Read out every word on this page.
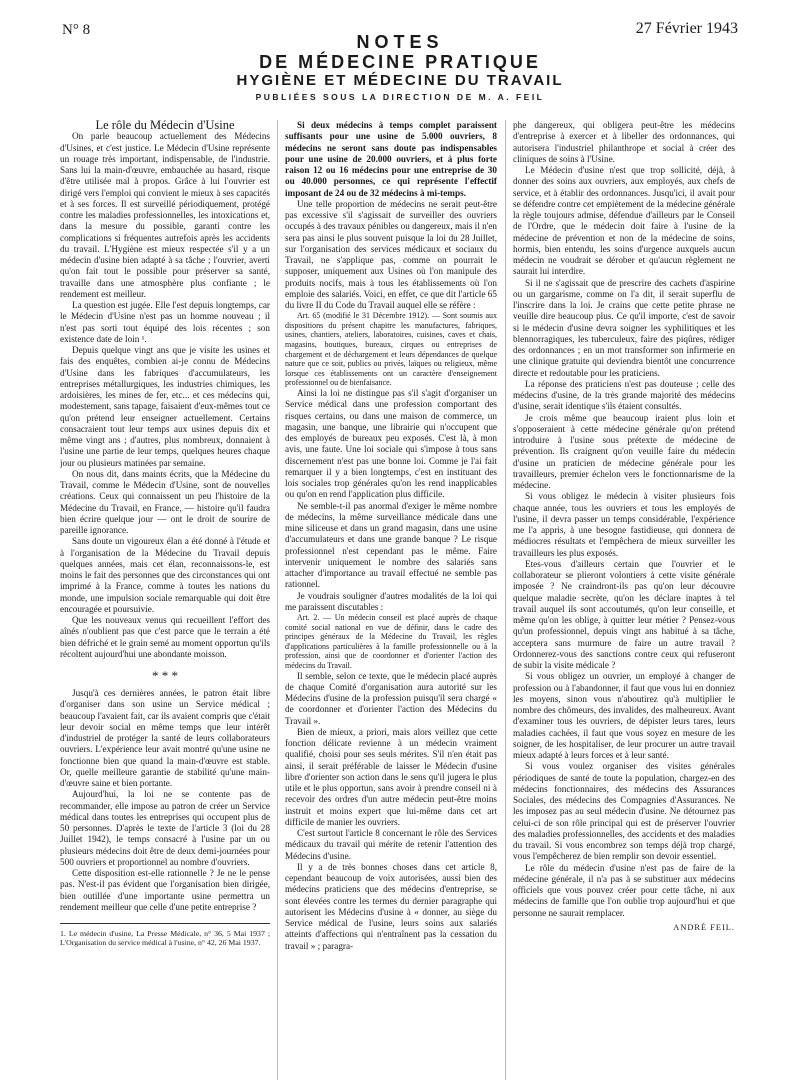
N° 8	27 Février 1943
NOTES
DE MÉDECINE PRATIQUE
HYGIÈNE ET MÉDECINE DU TRAVAIL
PUBLIÉES SOUS LA DIRECTION DE M. A. FEIL

Le rôle du Médecin d'Usine

On parle beaucoup actuellement des Médecins d'Usines, et c'est justice. Le Médecin d'Usine représente un rouage très important, indispensable, de l'industrie. Sans lui la main-d'œuvre, embauchée au hasard, risque d'être utilisée mal à propos. Grâce à lui l'ouvrier est dirigé vers l'emploi qui convient le mieux à ses capacités et à ses forces. Il est surveillé périodiquement, protégé contre les maladies professionnelles, les intoxications et, dans la mesure du possible, garanti contre les complications si fréquentes autrefois après les accidents du travail. L'Hygiène est mieux respectée s'il y a un médecin d'usine bien adapté à sa tâche ; l'ouvrier, averti qu'on fait tout le possible pour préserver sa santé, travaille dans une atmosphère plus confiante ; le rendement est meilleur.

La question est jugée. Elle l'est depuis longtemps, car le Médecin d'Usine n'est pas un homme nouveau ; il n'est pas sorti tout équipé des lois récentes ; son existence date de loin ¹.

Depuis quelque vingt ans que je visite les usines et fais des enquêtes, combien ai-je connu de Médecins d'Usine dans les fabriques d'accumulateurs, les entreprises métallurgiques, les industries chimiques, les ardoisières, les mines de fer, etc... et ces médecins qui, modestement, sans tapage, faisaient d'eux-mêmes tout ce qu'on prétend leur enseigner actuellement. Certains consacraient tout leur temps aux usines depuis dix et même vingt ans ; d'autres, plus nombreux, donnaient à l'usine une partie de leur temps, quelques heures chaque jour ou plusieurs matinées par semaine.

On nous dit, dans maints écrits, que la Médecine du Travail, comme le Médecin d'Usine, sont de nouvelles créations. Ceux qui connaissent un peu l'histoire de la Médecine du Travail, en France, — histoire qu'il faudra bien écrire quelque jour — ont le droit de sourire de pareille ignorance.

Sans doute un vigoureux élan a été donné à l'étude et à l'organisation de la Médecine du Travail depuis quelques années, mais cet élan, reconnaissons-le, est moins le fait des personnes que des circonstances qui ont imprimé à la France, comme à toutes les nations du monde, une impulsion sociale remarquable qui doit être encouragée et poursuivie.

Que les nouveaux venus qui recueillent l'effort des aînés n'oublient pas que c'est parce que le terrain a été bien défriché et le grain semé au moment opportun qu'ils récoltent aujourd'hui une abondante moisson.

* * *

Jusqu'à ces dernières années, le patron était libre d'organiser dans son usine un Service médical ; beaucoup l'avaient fait, car ils avaient compris que c'était leur devoir social en même temps que leur intérêt d'industriel de protéger la santé de leurs collaborateurs ouvriers. L'expérience leur avait montré qu'une usine ne fonctionne bien que quand la main-d'œuvre est stable. Or, quelle meilleure garantie de stabilité qu'une main-d'œuvre saine et bien portante.

Aujourd'hui, la loi ne se contente pas de recommander, elle impose au patron de créer un Service médical dans toutes les entreprises qui occupent plus de 50 personnes. D'après le texte de l'article 3 (loi du 28 Juillet 1942), le temps consacré à l'usine par un ou plusieurs médecins doit être de deux demi-journées pour 500 ouvriers et proportionnel au nombre d'ouvriers.

Cette disposition est-elle rationnelle ? Je ne le pense pas. N'est-il pas évident que l'organisation bien dirigée, bien outillée d'une importante usine permettra un rendement meilleur que celle d'une petite entreprise ?

1. Le médecin d'usine, La Presse Médicale, n° 36, 5 Mai 1937 ; L'Organisation du service médical à l'usine, n° 42, 26 Mai 1937.

Si deux médecins à temps complet paraissent suffisants pour une usine de 5.000 ouvriers, 8 médecins ne seront sans doute pas indispensables pour une usine de 20.000 ouvriers, et à plus forte raison 12 ou 16 médecins pour une entreprise de 30 ou 40.000 personnes, ce qui représente l'effectif imposant de 24 ou de 32 médecins à mi-temps.

Une telle proportion de médecins ne serait peut-être pas excessive s'il s'agissait de surveiller des ouvriers occupés à des travaux pénibles ou dangereux, mais il n'en sera pas ainsi le plus souvent puisque la loi du 28 Juillet, sur l'organisation des services médicaux et sociaux du Travail, ne s'applique pas, comme on pourrait le supposer, uniquement aux Usines où l'on manipule des produits nocifs, mais à tous les établissements où l'on emploie des salariés. Voici, en effet, ce que dit l'article 65 du livre II du Code du Travail auquel elle se réfère :

Art. 65 (modifié le 31 Décembre 1912). — Sont soumis aux dispositions du présent chapitre les manufactures, fabriques, usines, chantiers, ateliers, laboratoires, cuisines, caves et chais, magasins, boutiques, bureaux, cirques ou entreprises de chargement et de déchargement et leurs dépendances de quelque nature que ce soit, publics ou privés, laïques ou religieux, même lorsque ces établissements ont un caractère d'enseignement professionnel ou de bienfaisance.

Ainsi la loi ne distingue pas s'il s'agit d'organiser un Service médical dans une profession comportant des risques certains, ou dans une maison de commerce, un magasin, une banque, une librairie qui n'occupent que des employés de bureaux peu exposés. C'est là, à mon avis, une faute. Une loi sociale qui s'impose à tous sans discernement n'est pas une bonne loi. Comme je l'ai fait remarquer il y a bien longtemps, c'est en instituant des lois sociales trop générales qu'on les rend inapplicables ou qu'on en rend l'application plus difficile.

Ne semble-t-il pas anormal d'exiger le même nombre de médecins, la même surveillance médicale dans une mine siliceuse et dans un grand magasin, dans une usine d'accumulateurs et dans une grande banque ? Le risque professionnel n'est cependant pas le même. Faire intervenir uniquement le nombre des salariés sans attacher d'importance au travail effectué ne semble pas rationnel.

Je voudrais souligner d'autres modalités de la loi qui me paraissent discutables :

Art. 2. — Un médecin conseil est placé auprès de chaque comité social national en vue de définir, dans le cadre des principes généraux de la Médecine du Travail, les règles d'applications particulières à la famille professionnelle ou à la profession, ainsi que de coordonner et d'orienter l'action des médecins du Travail.

Il semble, selon ce texte, que le médecin placé auprès de chaque Comité d'organisation aura autorité sur les Médecins d'usine de la profession puisqu'il sera chargé « de coordonner et d'orienter l'action des Médecins du Travail ».

Bien de mieux, a priori, mais alors veillez que cette fonction délicate revienne à un médecin vraiment qualifié, choisi pour ses seuls mérites. S'il n'en était pas ainsi, il serait préférable de laisser le Médecin d'usine libre d'orienter son action dans le sens qu'il jugera le plus utile et le plus opportun, sans avoir à prendre conseil ni à recevoir des ordres d'un autre médecin peut-être moins instruit et moins expert que lui-même dans cet art difficile de manier les ouvriers.

C'est surtout l'article 8 concernant le rôle des Services médicaux du travail qui mérite de retenir l'attention des Médecins d'usine.

Il y a de très bonnes choses dans cet article 8, cependant beaucoup de voix autorisées, aussi bien des médecins praticiens que des médecins d'entreprise, se sont élevées contre les termes du dernier paragraphe qui autorisent les Médecins d'usine à « donner, au siège du Service médical de l'usine, leurs soins aux salariés atteints d'affections qui n'entraînent pas la cessation du travail » ; paragra-

phe dangereux, qui obligera peut-être les médecins d'entreprise à exercer et à libeller des ordonnances, qui autorisera l'industriel philanthrope et social à créer des cliniques de soins à l'Usine.

Le Médecin d'usine n'est que trop sollicité, déjà, à donner des soins aux ouvriers, aux employés, aux chefs de service, et à établir des ordonnances. Jusqu'ici, il avait pour se défendre contre cet empiètement de la médecine générale la règle toujours admise, défendue d'ailleurs par le Conseil de l'Ordre, que le médecin doit faire à l'usine de la médecine de prévention et non de la médecine de soins, hormis, bien entendu, les soins d'urgence auxquels aucun médecin ne voudrait se dérober et qu'aucun règlement ne saurait lui interdire.

Si il ne s'agissait que de prescrire des cachets d'aspirine ou un gargarisme, comme on l'a dit, il serait superflu de l'inscrire dans la loi. Je crains que cette petite phrase ne veuille dire beaucoup plus. Ce qu'il importe, c'est de savoir si le médecin d'usine devra soigner les syphilitiques et les blennorragiques, les tuberculeux, faire des piqûres, rédiger des ordonnances ; en un mot transformer son infirmerie en une clinique gratuite qui deviendra bientôt une concurrence directe et redoutable pour les praticiens.

La réponse des praticiens n'est pas douteuse ; celle des médecins d'usine, de la très grande majorité des médecins d'usine, serait identique s'ils étaient consultés.

Je crois même que beaucoup iraient plus loin et s'opposeraient à cette médecine générale qu'on prétend introduire à l'usine sous prétexte de médecine de prévention. Ils craignent qu'on veuille faire du médecin d'usine un praticien de médecine générale pour les travailleurs, premier échelon vers le fonctionnarisme de la médecine.

Si vous obligez le médecin à visiter plusieurs fois chaque année, tous les ouvriers et tous les employés de l'usine, il devra passer un temps considérable, l'expérience me l'a appris, à une besogne fastidieuse, qui donnera de médiocres résultats et l'empêchera de mieux surveiller les travailleurs les plus exposés.

Etes-vous d'ailleurs certain que l'ouvrier et le collaborateur se plieront volontiers à cette visite générale imposée ? Ne craindront-ils pas qu'on leur découvre quelque maladie secrète, qu'on les déclare inaptes à tel travail auquel ils sont accoutumés, qu'on leur conseille, et même qu'on les oblige, à quitter leur métier ? Pensez-vous qu'un professionnel, depuis vingt ans habitué à sa tâche, acceptera sans murmure de faire un autre travail ? Ordonnerez-vous des sanctions contre ceux qui refuseront de subir la visite médicale ?

Si vous obligez un ouvrier, un employé à changer de profession ou à l'abandonner, il faut que vous lui en donniez les moyens, sinon vous n'aboutirez qu'à multiplier le nombre des chômeurs, des invalides, des malheureux. Avant d'examiner tous les ouvriers, de dépister leurs tares, leurs maladies cachées, il faut que vous soyez en mesure de les soigner, de les hospitaliser, de leur procurer un autre travail mieux adapté à leurs forces et à leur santé.

Si vous voulez organiser des visites générales périodiques de santé de toute la population, chargez-en des médecins fonctionnaires, des médecins des Assurances Sociales, des médecins des Compagnies d'Assurances. Ne les imposez pas au seul médecin d'usine. Ne détournez pas celui-ci de son rôle principal qui est de préserver l'ouvrier des maladies professionnelles, des accidents et des maladies du travail. Si vous encombrez son temps déjà trop chargé, vous l'empêcherez de bien remplir son devoir essentiel.

Le rôle du médecin d'usine n'est pas de faire de la médecine générale, il n'a pas à se substituer aux médecins officiels que vous pouvez créer pour cette tâche, ni aux médecins de famille que l'on oublie trop aujourd'hui et que personne ne saurait remplacer.

ANDRÉ FEIL.
